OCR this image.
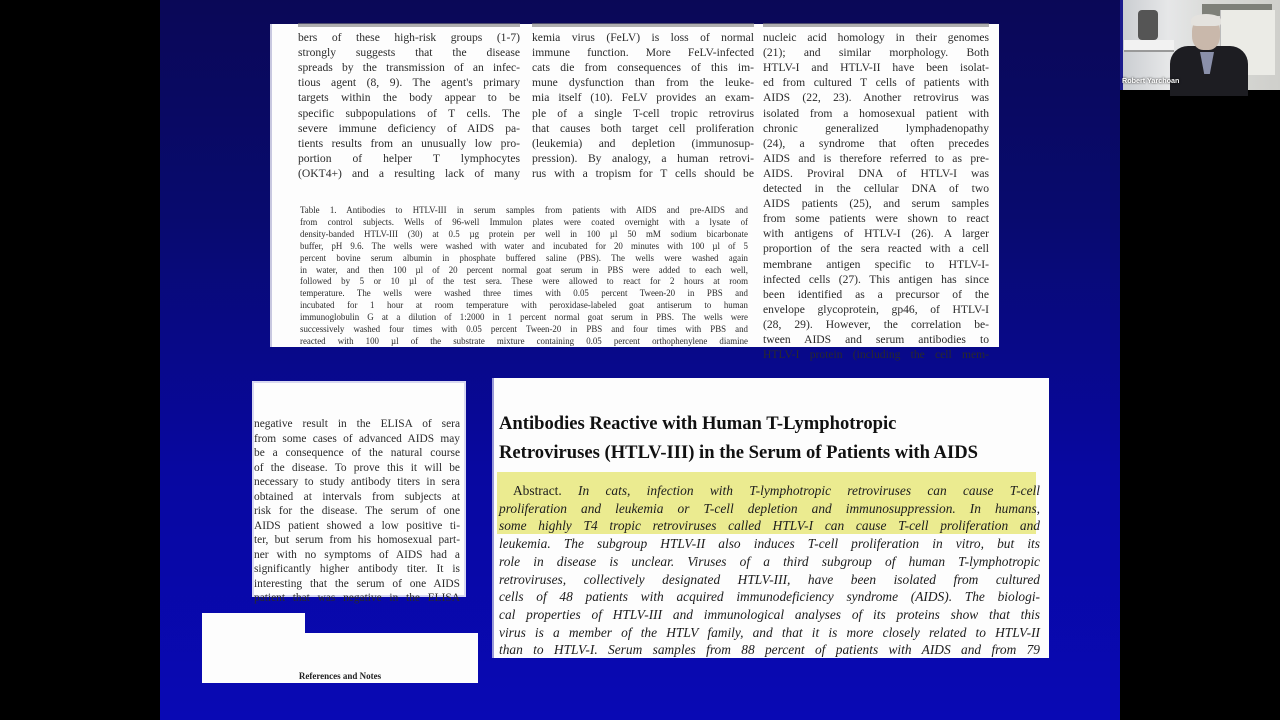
bers of these high-risk groups (1-7)

strongly suggests that the disease

spreads by the transmission of an infec-

tious agent (8, 9). The agent's primary

targets within the body appear to be

specific subpopulations of T cells. The

severe immune deficiency of AIDS pa-

tients results from an unusually low pro-

portion of helper T lymphocytes

(OKT4+) and a resulting lack of many

kemia virus (FeLV) is loss of normal

immune function. More FeLV-infected

cats die from consequences of this im-

mune dysfunction than from the leuke-

mia itself (10). FeLV provides an exam-

ple of a single T-cell tropic retrovirus

that causes both target cell proliferation

(leukemia) and depletion (immunosup-

pression). By analogy, a human retrovi-

rus with a tropism for T cells should be

nucleic acid homology in their genomes

(21); and similar morphology. Both

HTLV-I and HTLV-II have been isolat-

ed from cultured T cells of patients with

AIDS (22, 23). Another retrovirus was

isolated from a homosexual patient with

chronic generalized lymphadenopathy

(24), a syndrome that often precedes

AIDS and is therefore referred to as pre-

AIDS. Proviral DNA of HTLV-I was

detected in the cellular DNA of two

AIDS patients (25), and serum samples

from some patients were shown to react

with antigens of HTLV-I (26). A larger

proportion of the sera reacted with a cell

membrane antigen specific to HTLV-I-

infected cells (27). This antigen has since

been identified as a precursor of the

envelope glycoprotein, gp46, of HTLV-I

(28, 29). However, the correlation be-

tween AIDS and serum antibodies to

HTLV-I protein (including the cell mem-

Table 1. Antibodies to HTLV-III in serum samples from patients with AIDS and pre-AIDS and

from control subjects. Wells of 96-well Immulon plates were coated overnight with a lysate of

density-banded HTLV-III (30) at 0.5 µg protein per well in 100 µl 50 mM sodium bicarbonate

buffer, pH 9.6. The wells were washed with water and incubated for 20 minutes with 100 µl of 5

percent bovine serum albumin in phosphate buffered saline (PBS). The wells were washed again

in water, and then 100 µl of 20 percent normal goat serum in PBS were added to each well,

followed by 5 or 10 µl of the test sera. These were allowed to react for 2 hours at room

temperature. The wells were washed three times with 0.05 percent Tween-20 in PBS and

incubated for 1 hour at room temperature with peroxidase-labeled goat antiserum to human

immunoglobulin G at a dilution of 1:2000 in 1 percent normal goat serum in PBS. The wells were

successively washed four times with 0.05 percent Tween-20 in PBS and four times with PBS and

reacted with 100 µl of the substrate mixture containing 0.05 percent orthophenylene diamine

negative result in the ELISA of sera

from some cases of advanced AIDS may

be a consequence of the natural course

of the disease. To prove this it will be

necessary to study antibody titers in sera

obtained at intervals from subjects at

risk for the disease. The serum of one

AIDS patient showed a low positive ti-

ter, but serum from his homosexual part-

ner with no symptoms of AIDS had a

significantly higher antibody titer. It is

interesting that the serum of one AIDS

patient that was negative in the ELISA

References and Notes
Antibodies Reactive with Human T-Lymphotropic
Retroviruses (HTLV-III) in the Serum of Patients with AIDS
Abstract. In cats, infection with T-lymphotropic retroviruses can cause T-cell
proliferation and leukemia or T-cell depletion and immunosuppression. In humans,
some highly T4 tropic retroviruses called HTLV-I can cause T-cell proliferation and
leukemia. The subgroup HTLV-II also induces T-cell proliferation in vitro, but its
role in disease is unclear. Viruses of a third subgroup of human T-lymphotropic
retroviruses, collectively designated HTLV-III, have been isolated from cultured
cells of 48 patients with acquired immunodeficiency syndrome (AIDS). The biologi-
cal properties of HTLV-III and immunological analyses of its proteins show that this
virus is a member of the HTLV family, and that it is more closely related to HTLV-II
than to HTLV-I. Serum samples from 88 percent of patients with AIDS and from 79
Robert Yarchoan
